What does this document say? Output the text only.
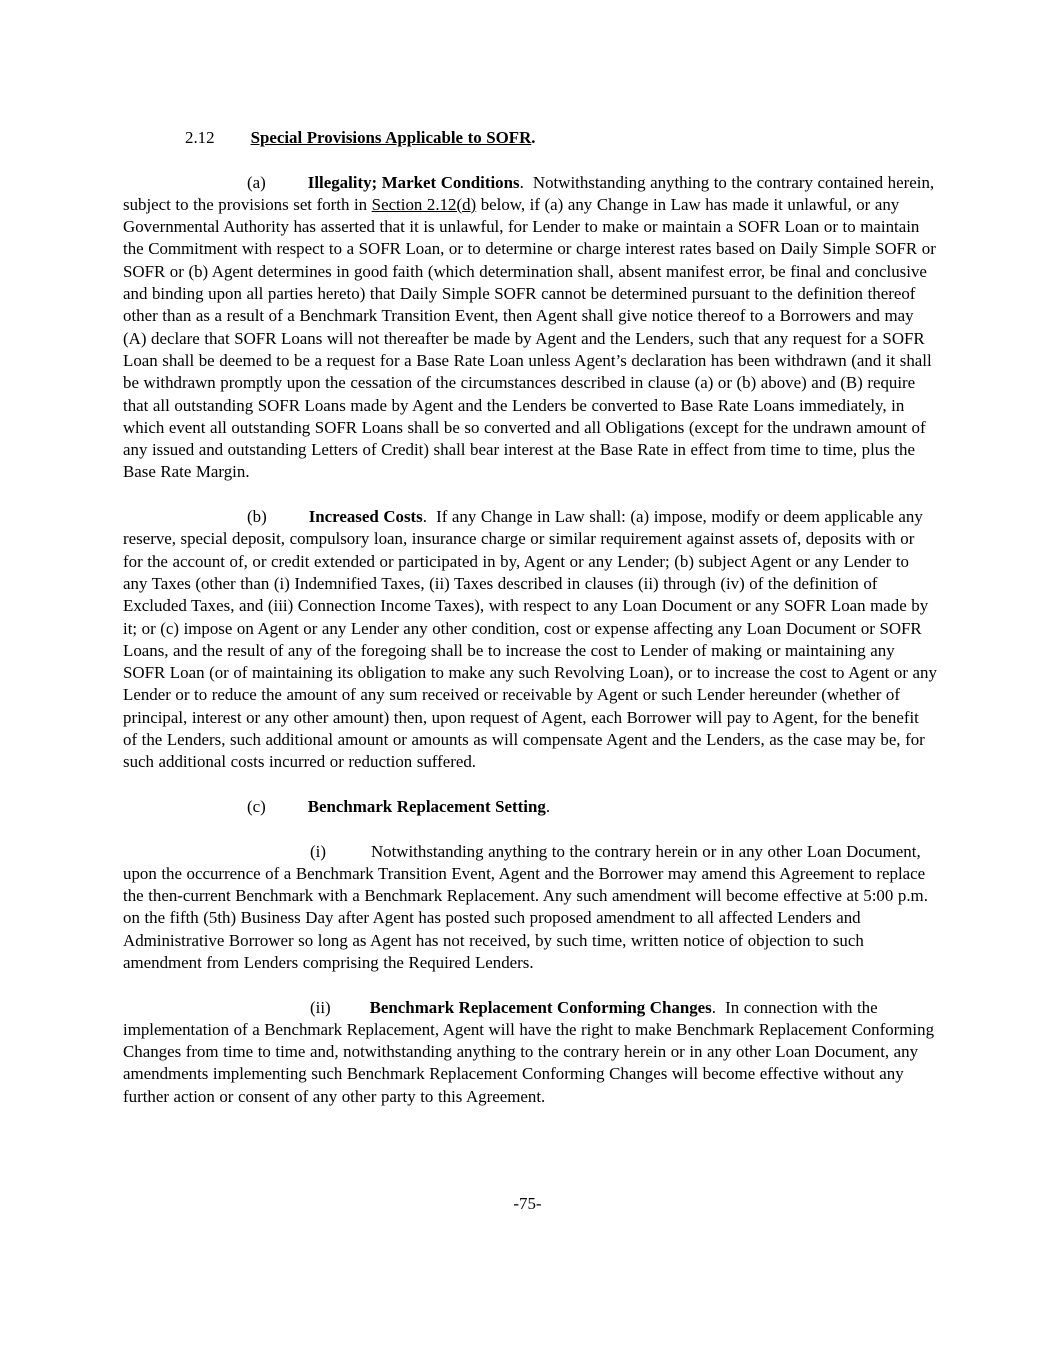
2.12 Special Provisions Applicable to SOFR.

(a) Illegality; Market Conditions.  Notwithstanding anything to the contrary contained herein, subject to the provisions set forth in Section 2.12(d) below, if (a) any Change in Law has made it unlawful, or any Governmental Authority has asserted that it is unlawful, for Lender to make or maintain a SOFR Loan or to maintain the Commitment with respect to a SOFR Loan, or to determine or charge interest rates based on Daily Simple SOFR or SOFR or (b) Agent determines in good faith (which determination shall, absent manifest error, be final and conclusive and binding upon all parties hereto) that Daily Simple SOFR cannot be determined pursuant to the definition thereof other than as a result of a Benchmark Transition Event, then Agent shall give notice thereof to a Borrowers and may (A) declare that SOFR Loans will not thereafter be made by Agent and the Lenders, such that any request for a SOFR Loan shall be deemed to be a request for a Base Rate Loan unless Agent’s declaration has been withdrawn (and it shall be withdrawn promptly upon the cessation of the circumstances described in clause (a) or (b) above) and (B) require that all outstanding SOFR Loans made by Agent and the Lenders be converted to Base Rate Loans immediately, in which event all outstanding SOFR Loans shall be so converted and all Obligations (except for the undrawn amount of any issued and outstanding Letters of Credit) shall bear interest at the Base Rate in effect from time to time, plus the Base Rate Margin.

(b) Increased Costs.  If any Change in Law shall: (a) impose, modify or deem applicable any reserve, special deposit, compulsory loan, insurance charge or similar requirement against assets of, deposits with or for the account of, or credit extended or participated in by, Agent or any Lender; (b) subject Agent or any Lender to any Taxes (other than (i) Indemnified Taxes, (ii) Taxes described in clauses (ii) through (iv) of the definition of Excluded Taxes, and (iii) Connection Income Taxes), with respect to any Loan Document or any SOFR Loan made by it; or (c) impose on Agent or any Lender any other condition, cost or expense affecting any Loan Document or SOFR Loans, and the result of any of the foregoing shall be to increase the cost to Lender of making or maintaining any SOFR Loan (or of maintaining its obligation to make any such Revolving Loan), or to increase the cost to Agent or any Lender or to reduce the amount of any sum received or receivable by Agent or such Lender hereunder (whether of principal, interest or any other amount) then, upon request of Agent, each Borrower will pay to Agent, for the benefit of the Lenders, such additional amount or amounts as will compensate Agent and the Lenders, as the case may be, for such additional costs incurred or reduction suffered.

(c) Benchmark Replacement Setting.

(i)	Notwithstanding anything to the contrary herein or in any other Loan Document, upon the occurrence of a Benchmark Transition Event, Agent and the Borrower may amend this Agreement to replace the then-current Benchmark with a Benchmark Replacement. Any such amendment will become effective at 5:00 p.m. on the fifth (5th) Business Day after Agent has posted such proposed amendment to all affected Lenders and Administrative Borrower so long as Agent has not received, by such time, written notice of objection to such amendment from Lenders comprising the Required Lenders.

(ii) Benchmark Replacement Conforming Changes.  In connection with the implementation of a Benchmark Replacement, Agent will have the right to make Benchmark Replacement Conforming Changes from time to time and, notwithstanding anything to the contrary herein or in any other Loan Document, any amendments implementing such Benchmark Replacement Conforming Changes will become effective without any further action or consent of any other party to this Agreement.

-75-
